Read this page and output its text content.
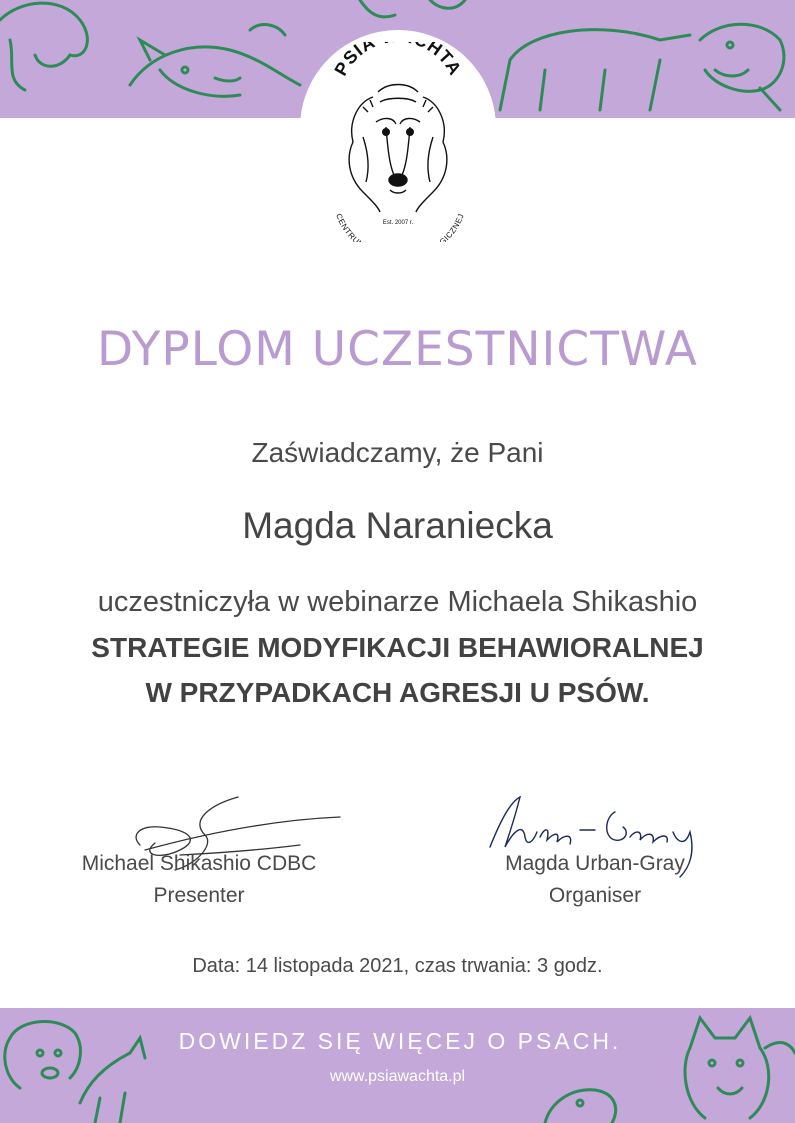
PSIA HTA
Est. 2007 r.
CENTRU GICZNEJ
DYPLOM UCZESTNICTWA
Zaświadczamy, że Pani
Magda Naraniecka
uczestniczyła w webinarze Michaela Shikashio
STRATEGIE MODYFIKACJI BEHAWIORALNEJ
W PRZYPADKACH AGRESJI U PSÓW.
Michael Shikashio CDBC
Presenter
Magda Urban-Gray
Organiser
Data: 14 listopada 2021, czas trwania: 3 godz.
DOWIEDZ SIĘ WIĘCEJ O PSACH.
www.psiawachta.pl
